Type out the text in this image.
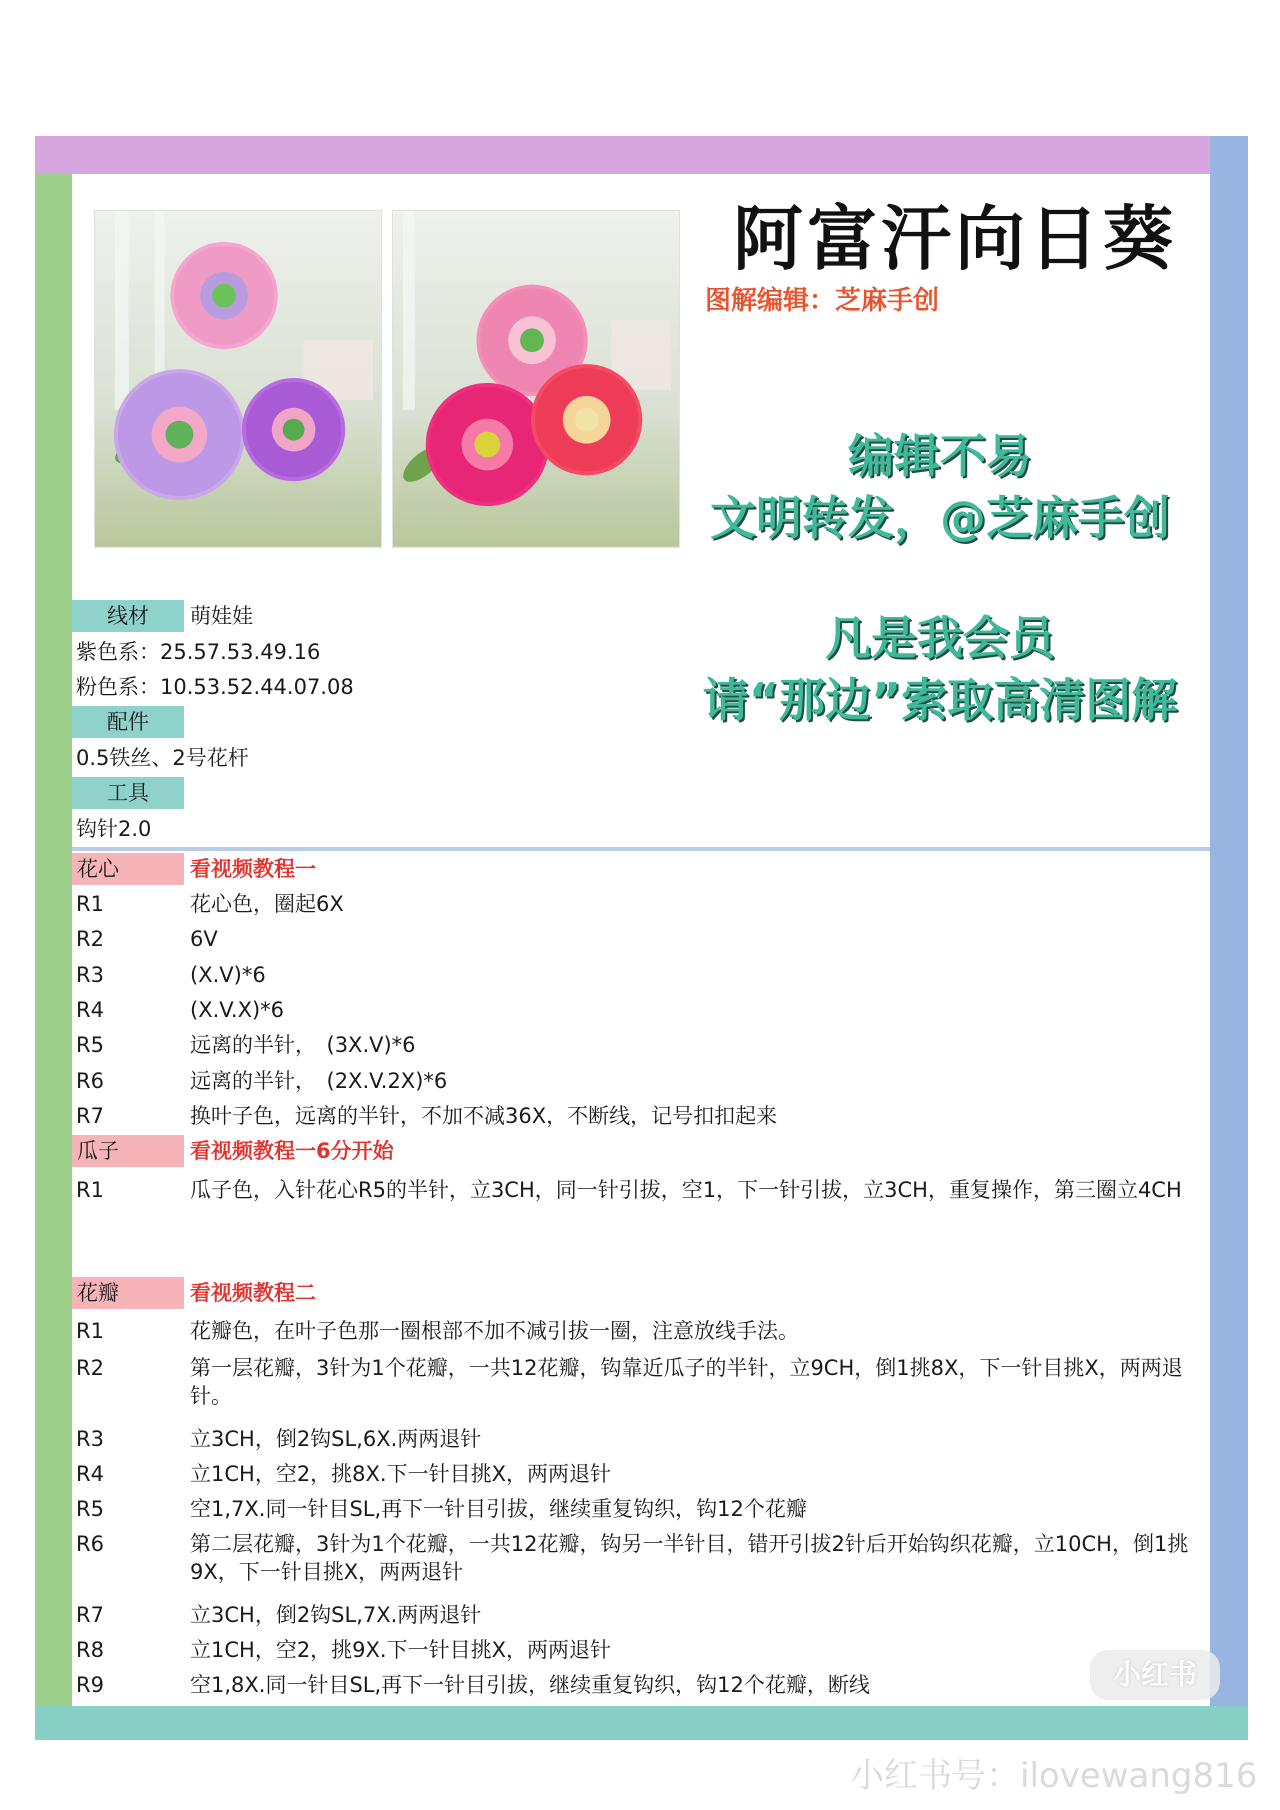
阿富汗向日葵
图解编辑：芝麻手创
编辑不易
文明转发，@芝麻手创
凡是我会员
请“那边”索取高清图解
线材	萌娃娃
紫色系：25.57.53.49.16
粉色系：10.53.52.44.07.08
配件
0.5铁丝、2号花杆
工具
钩针2.0
花心	看视频教程一
R1	花心色，圈起6X
R2	6V
R3	(X.V)*6
R4	(X.V.X)*6
R5	远离的半针，　(3X.V)*6
R6	远离的半针，　(2X.V.2X)*6
R7	换叶子色，远离的半针，不加不减36X，不断线，记号扣扣起来
瓜子	看视频教程一6分开始
R1	瓜子色，入针花心R5的半针，立3CH，同一针引拔，空1，下一针引拔，立3CH，重复操作，第三圈立4CH
花瓣	看视频教程二
R1	花瓣色，在叶子色那一圈根部不加不减引拔一圈，注意放线手法。
R2	第一层花瓣，3针为1个花瓣，一共12花瓣，钩靠近瓜子的半针，立9CH，倒1挑8X，下一针目挑X，两两退针。
R3	立3CH，倒2钩SL,6X.两两退针
R4	立1CH，空2，挑8X.下一针目挑X，两两退针
R5	空1,7X.同一针目SL,再下一针目引拔，继续重复钩织，钩12个花瓣
R6	第二层花瓣，3针为1个花瓣，一共12花瓣，钩另一半针目，错开引拔2针后开始钩织花瓣，立10CH，倒1挑9X，下一针目挑X，两两退针
R7	立3CH，倒2钩SL,7X.两两退针
R8	立1CH，空2，挑9X.下一针目挑X，两两退针
R9	空1,8X.同一针目SL,再下一针目引拔，继续重复钩织，钩12个花瓣，断线	小红书
小红书号：ilovewang816
